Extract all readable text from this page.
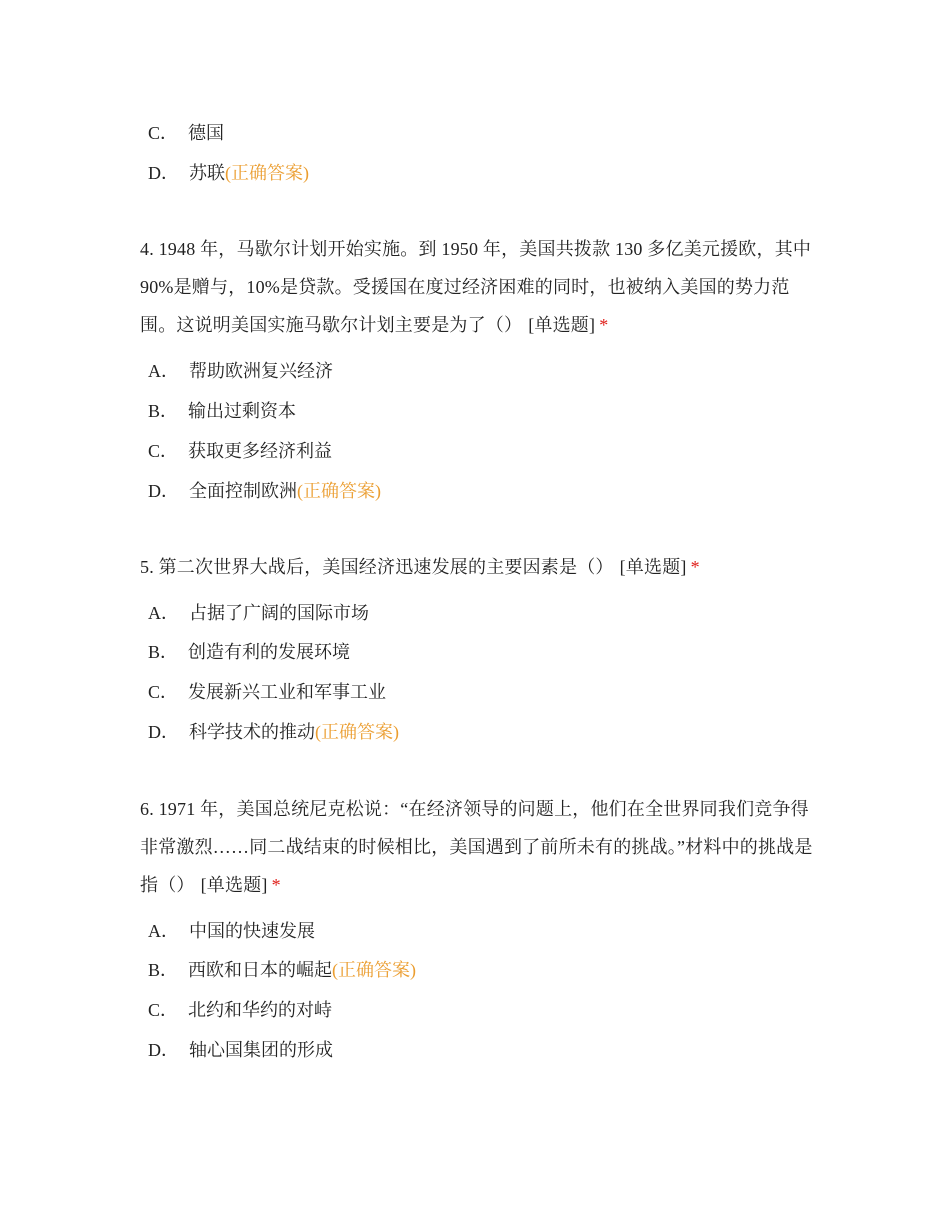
C． 德国
D． 苏联(正确答案)
4. 1948 年，马歇尔计划开始实施。到 1950 年，美国共拨款 130 多亿美元援欧，其中 90%是赠与，10%是贷款。受援国在度过经济困难的同时，也被纳入美国的势力范围。这说明美国实施马歇尔计划主要是为了（） [单选题] *
A． 帮助欧洲复兴经济
B． 输出过剩资本
C． 获取更多经济利益
D． 全面控制欧洲(正确答案)
5. 第二次世界大战后，美国经济迅速发展的主要因素是（） [单选题] *
A． 占据了广阔的国际市场
B． 创造有利的发展环境
C． 发展新兴工业和军事工业
D． 科学技术的推动(正确答案)
6. 1971 年，美国总统尼克松说：“在经济领导的问题上，他们在全世界同我们竞争得非常激烈……同二战结束的时候相比，美国遇到了前所未有的挑战。”材料中的挑战是指（） [单选题] *
A． 中国的快速发展
B． 西欧和日本的崛起(正确答案)
C． 北约和华约的对峙
D． 轴心国集团的形成
